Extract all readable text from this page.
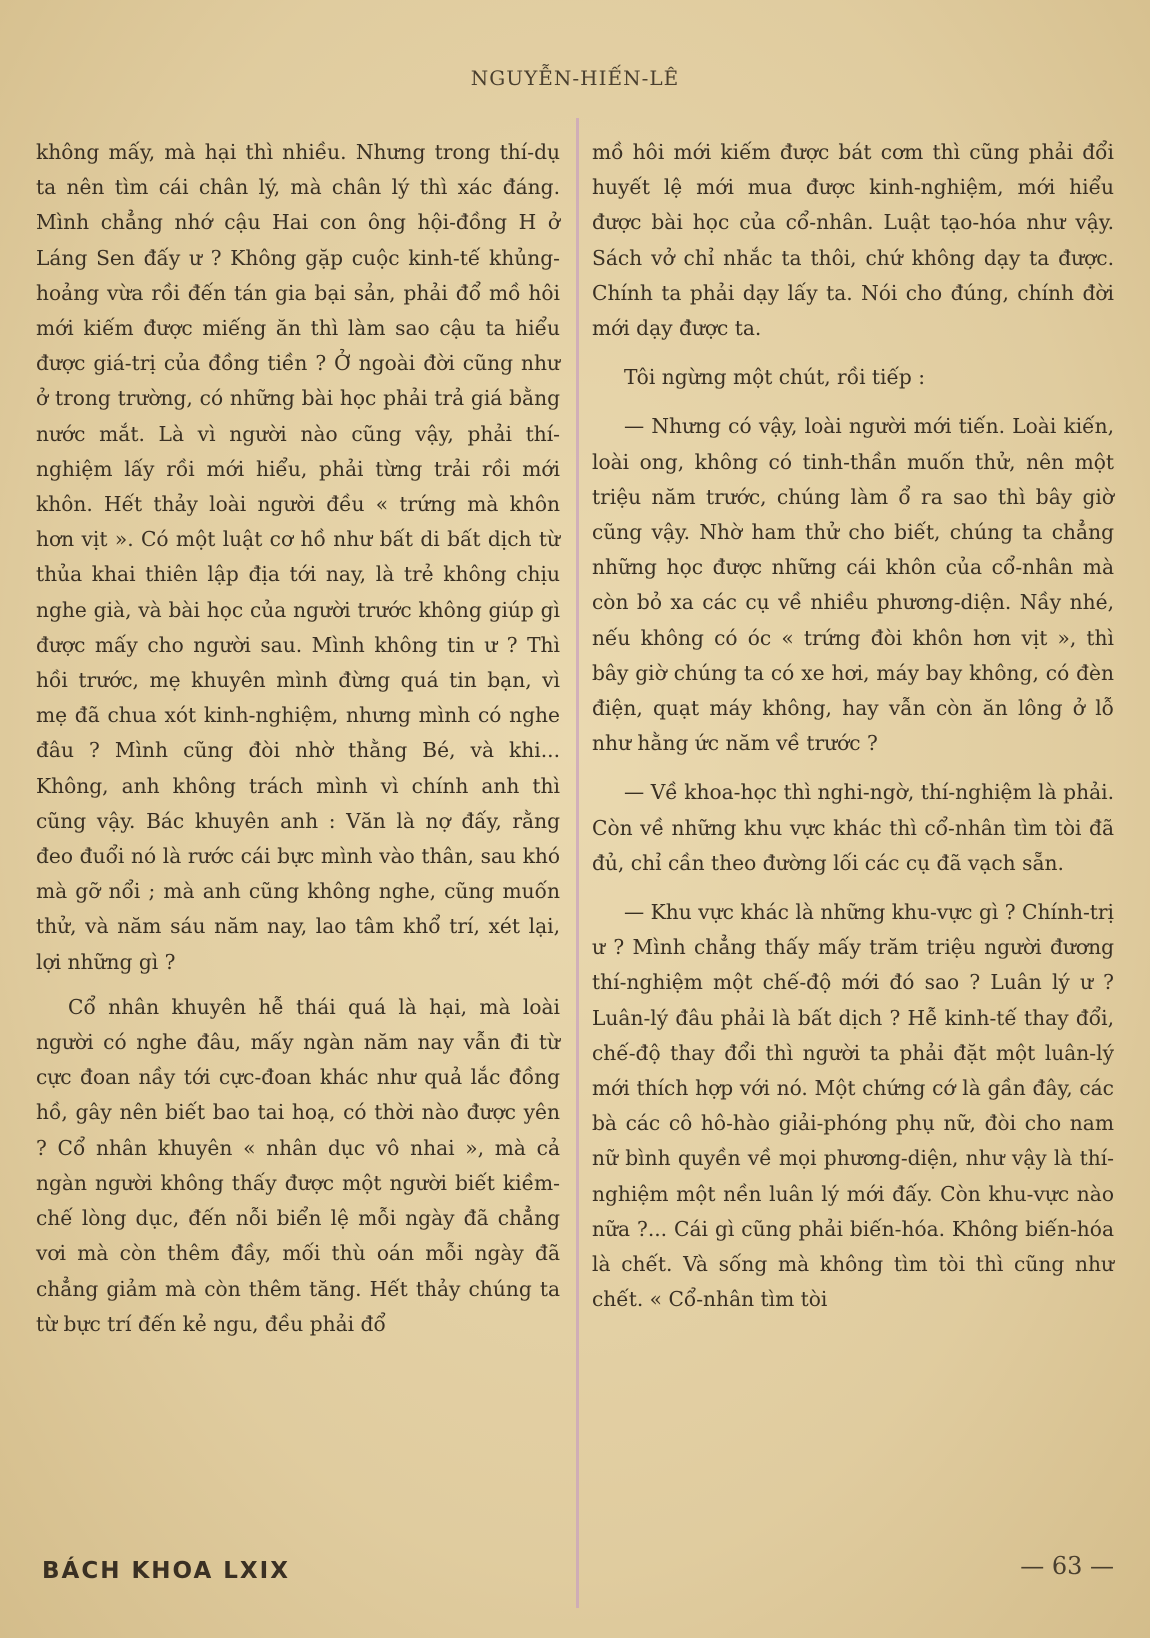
NGUYỄN-HIẾN-LÊ

không mấy, mà hại thì nhiều. Nhưng trong thí-dụ ta nên tìm cái chân lý, mà chân lý thì xác đáng. Mình chẳng nhớ cậu Hai con ông hội-đồng H ở Láng Sen đấy ư ? Không gặp cuộc kinh-tế khủng-hoảng vừa rồi đến tán gia bại sản, phải đổ mồ hôi mới kiếm được miếng ăn thì làm sao cậu ta hiểu được giá-trị của đồng tiền ? Ở ngoài đời cũng như ở trong trường, có những bài học phải trả giá bằng nước mắt. Là vì người nào cũng vậy, phải thí-nghiệm lấy rồi mới hiểu, phải từng trải rồi mới khôn. Hết thảy loài người đều « trứng mà khôn hơn vịt ». Có một luật cơ hồ như bất di bất dịch từ thủa khai thiên lập địa tới nay, là trẻ không chịu nghe già, và bài học của người trước không giúp gì được mấy cho người sau. Mình không tin ư ? Thì hồi trước, mẹ khuyên mình đừng quá tin bạn, vì mẹ đã chua xót kinh-nghiệm, nhưng mình có nghe đâu ? Mình cũng đòi nhờ thằng Bé, và khi... Không, anh không trách mình vì chính anh thì cũng vậy. Bác khuyên anh : Văn là nợ đấy, rằng đeo đuổi nó là rước cái bực mình vào thân, sau khó mà gỡ nổi ; mà anh cũng không nghe, cũng muốn thử, và năm sáu năm nay, lao tâm khổ trí, xét lại, lợi những gì ?

Cổ nhân khuyên hễ thái quá là hại, mà loài người có nghe đâu, mấy ngàn năm nay vẫn đi từ cực đoan nầy tới cực-đoan khác như quả lắc đồng hồ, gây nên biết bao tai hoạ, có thời nào được yên ? Cổ nhân khuyên « nhân dục vô nhai », mà cả ngàn người không thấy được một người biết kiềm-chế lòng dục, đến nỗi biển lệ mỗi ngày đã chẳng vơi mà còn thêm đầy, mối thù oán mỗi ngày đã chẳng giảm mà còn thêm tăng. Hết thảy chúng ta từ bực trí đến kẻ ngu, đều phải đổ

mồ hôi mới kiếm được bát cơm thì cũng phải đổi huyết lệ mới mua được kinh-nghiệm, mới hiểu được bài học của cổ-nhân. Luật tạo-hóa như vậy. Sách vở chỉ nhắc ta thôi, chứ không dạy ta được. Chính ta phải dạy lấy ta. Nói cho đúng, chính đời mới dạy được ta.

Tôi ngừng một chút, rồi tiếp :

— Nhưng có vậy, loài người mới tiến. Loài kiến, loài ong, không có tinh-thần muốn thử, nên một triệu năm trước, chúng làm ổ ra sao thì bây giờ cũng vậy. Nhờ ham thử cho biết, chúng ta chẳng những học được những cái khôn của cổ-nhân mà còn bỏ xa các cụ về nhiều phương-diện. Nầy nhé, nếu không có óc « trứng đòi khôn hơn vịt », thì bây giờ chúng ta có xe hơi, máy bay không, có đèn điện, quạt máy không, hay vẫn còn ăn lông ở lỗ như hằng ức năm về trước ?

— Về khoa-học thì nghi-ngờ, thí-nghiệm là phải. Còn về những khu vực khác thì cổ-nhân tìm tòi đã đủ, chỉ cần theo đường lối các cụ đã vạch sẵn.

— Khu vực khác là những khu-vực gì ? Chính-trị ư ? Mình chẳng thấy mấy trăm triệu người đương thí-nghiệm một chế-độ mới đó sao ? Luân lý ư ? Luân-lý đâu phải là bất dịch ? Hễ kinh-tế thay đổi, chế-độ thay đổi thì người ta phải đặt một luân-lý mới thích hợp với nó. Một chứng cớ là gần đây, các bà các cô hô-hào giải-phóng phụ nữ, đòi cho nam nữ bình quyền về mọi phương-diện, như vậy là thí-nghiệm một nền luân lý mới đấy. Còn khu-vực nào nữa ?... Cái gì cũng phải biến-hóa. Không biến-hóa là chết. Và sống mà không tìm tòi thì cũng như chết. « Cổ-nhân tìm tòi

BÁCH KHOA LXIX	— 63 —
